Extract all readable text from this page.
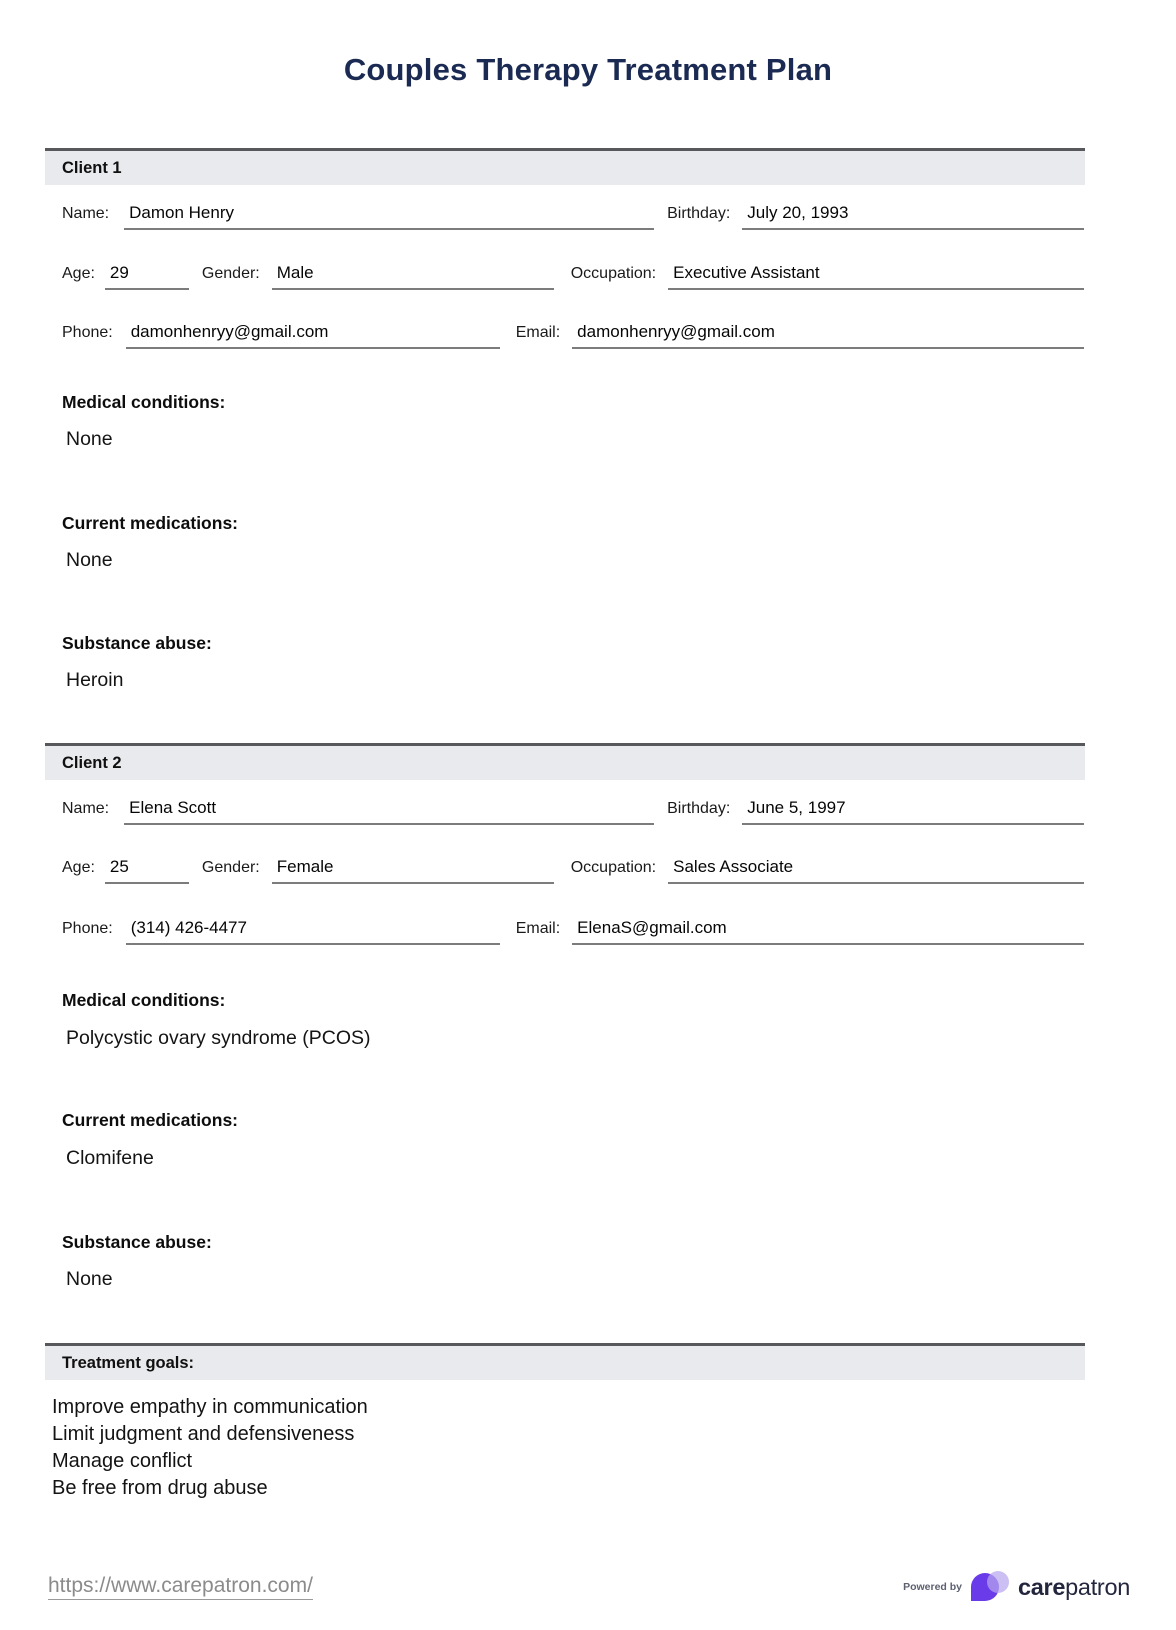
Couples Therapy Treatment Plan
Client 1
Name: Damon Henry	Birthday: July 20, 1993
Age: 29	Gender: Male	Occupation: Executive Assistant
Phone: damonhenryy@gmail.com	Email: damonhenryy@gmail.com
Medical conditions:
None
Current medications:
None
Substance abuse:
Heroin
Client 2
Name: Elena Scott	Birthday: June 5, 1997
Age: 25	Gender: Female	Occupation: Sales Associate
Phone: (314) 426-4477	Email: ElenaS@gmail.com
Medical conditions:
Polycystic ovary syndrome (PCOS)
Current medications:
Clomifene
Substance abuse:
None
Treatment goals:
Improve empathy in communication
Limit judgment and defensiveness
Manage conflict
Be free from drug abuse
https://www.carepatron.com/	Powered by carepatron
